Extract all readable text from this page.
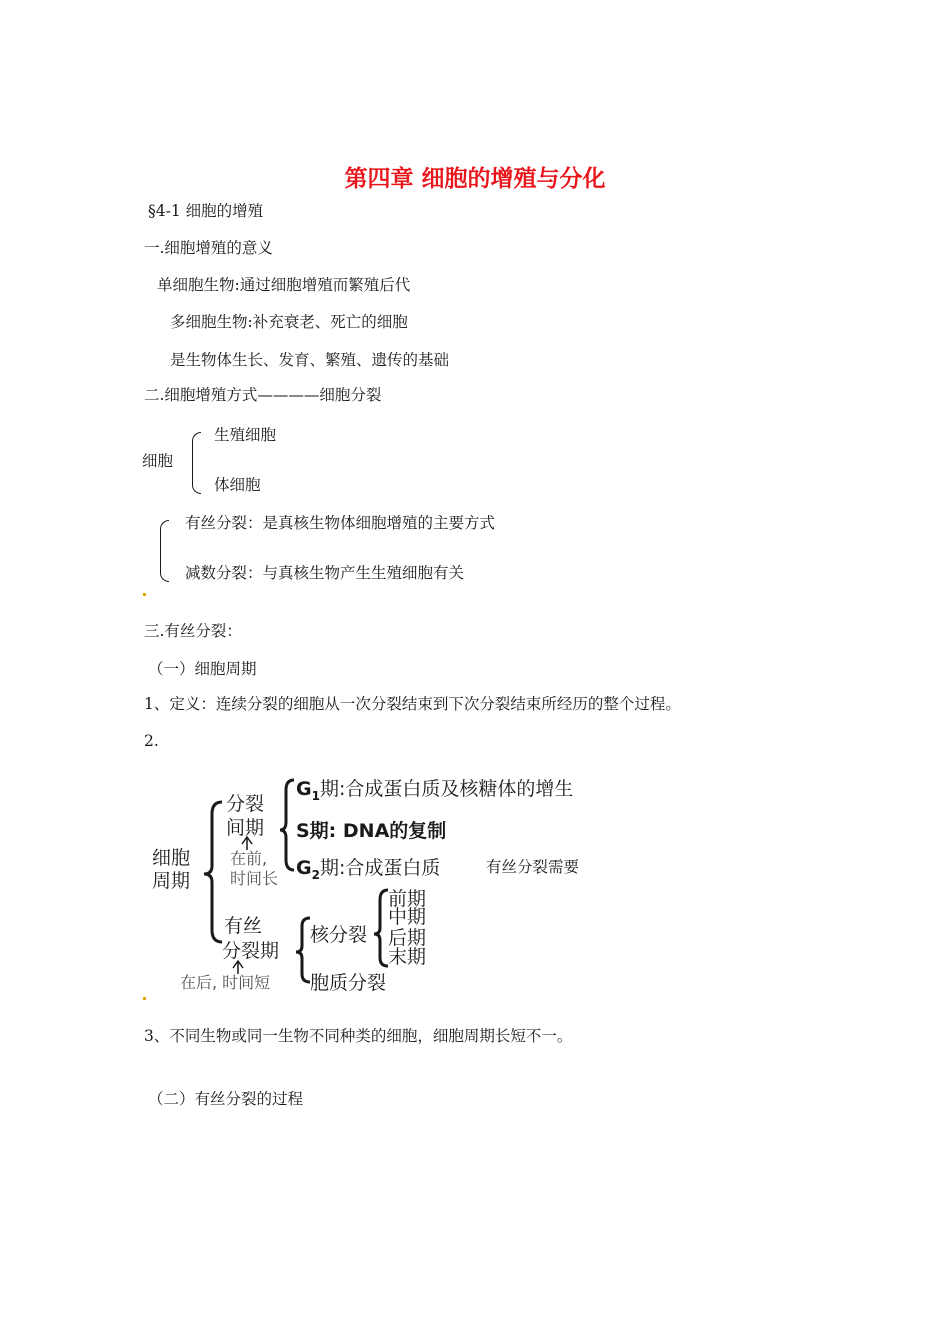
第四章 细胞的增殖与分化
§4-1 细胞的增殖
一.细胞增殖的意义
单细胞生物:通过细胞增殖而繁殖后代
多细胞生物:补充衰老、死亡的细胞
是生物体生长、发育、繁殖、遗传的基础
二.细胞增殖方式————细胞分裂
细胞
生殖细胞
体细胞
有丝分裂：是真核生物体细胞增殖的主要方式
减数分裂：与真核生物产生生殖细胞有关
三.有丝分裂：
（一）细胞周期
1、定义：连续分裂的细胞从一次分裂结束到下次分裂结束所经历的整个过程。
2.
细胞
周期
分裂
间期
在前,
时间长
$G_1$期:合成蛋白质及核糖体的增生
S期: DNA的复制
$G_2$期:合成蛋白质
有丝
分裂期
在后, 时间短
核分裂
胞质分裂
前期
中期
后期
末期
有丝分裂需要
3、不同生物或同一生物不同种类的细胞，细胞周期长短不一。
（二）有丝分裂的过程
